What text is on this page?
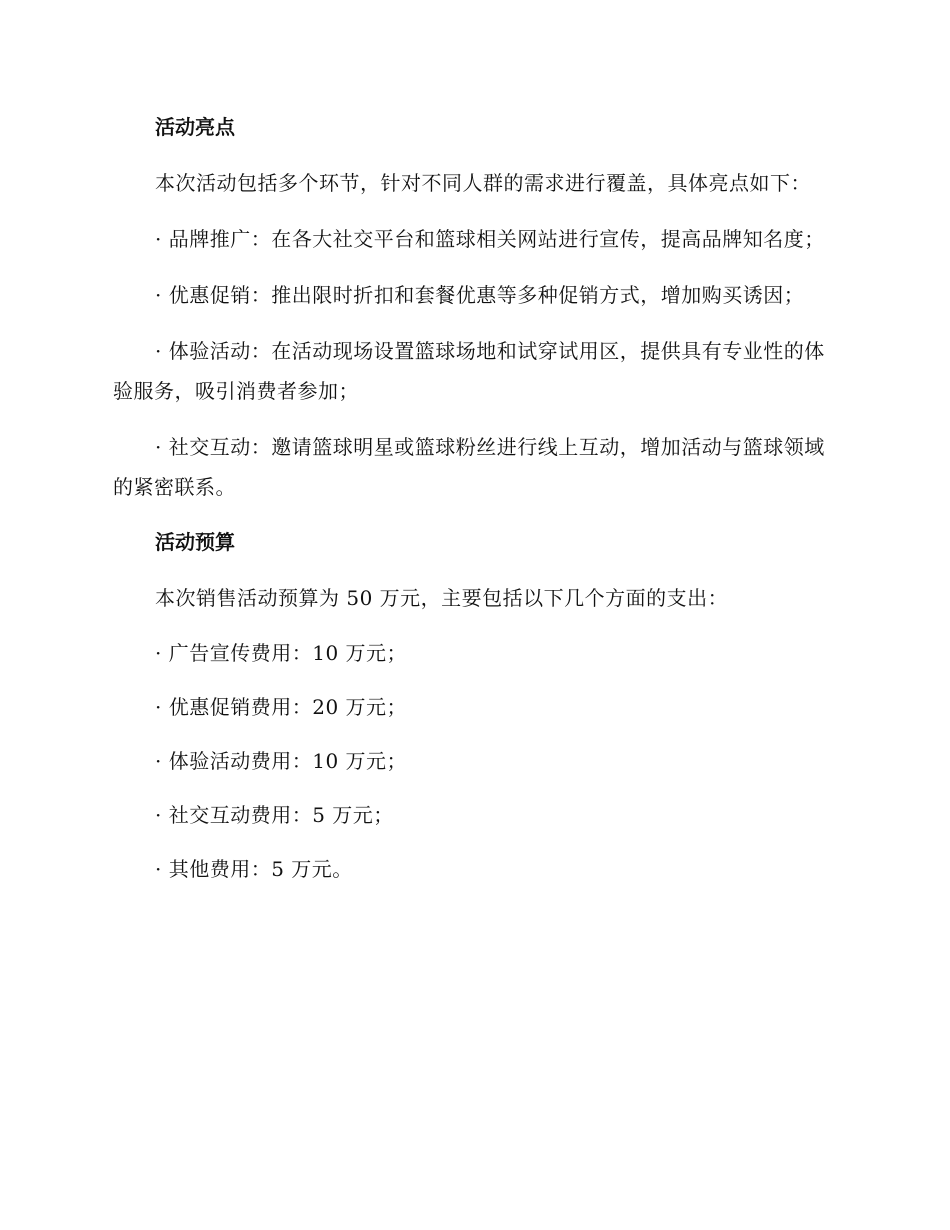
活动亮点

本次活动包括多个环节，针对不同人群的需求进行覆盖，具体亮点如下：

· 品牌推广：在各大社交平台和篮球相关网站进行宣传，提高品牌知名度；

· 优惠促销：推出限时折扣和套餐优惠等多种促销方式，增加购买诱因；

· 体验活动：在活动现场设置篮球场地和试穿试用区，提供具有专业性的体验服务，吸引消费者参加；

· 社交互动：邀请篮球明星或篮球粉丝进行线上互动，增加活动与篮球领域的紧密联系。

活动预算

本次销售活动预算为 50 万元，主要包括以下几个方面的支出：

· 广告宣传费用：10 万元；

· 优惠促销费用：20 万元；

· 体验活动费用：10 万元；

· 社交互动费用：5 万元；

· 其他费用：5 万元。
